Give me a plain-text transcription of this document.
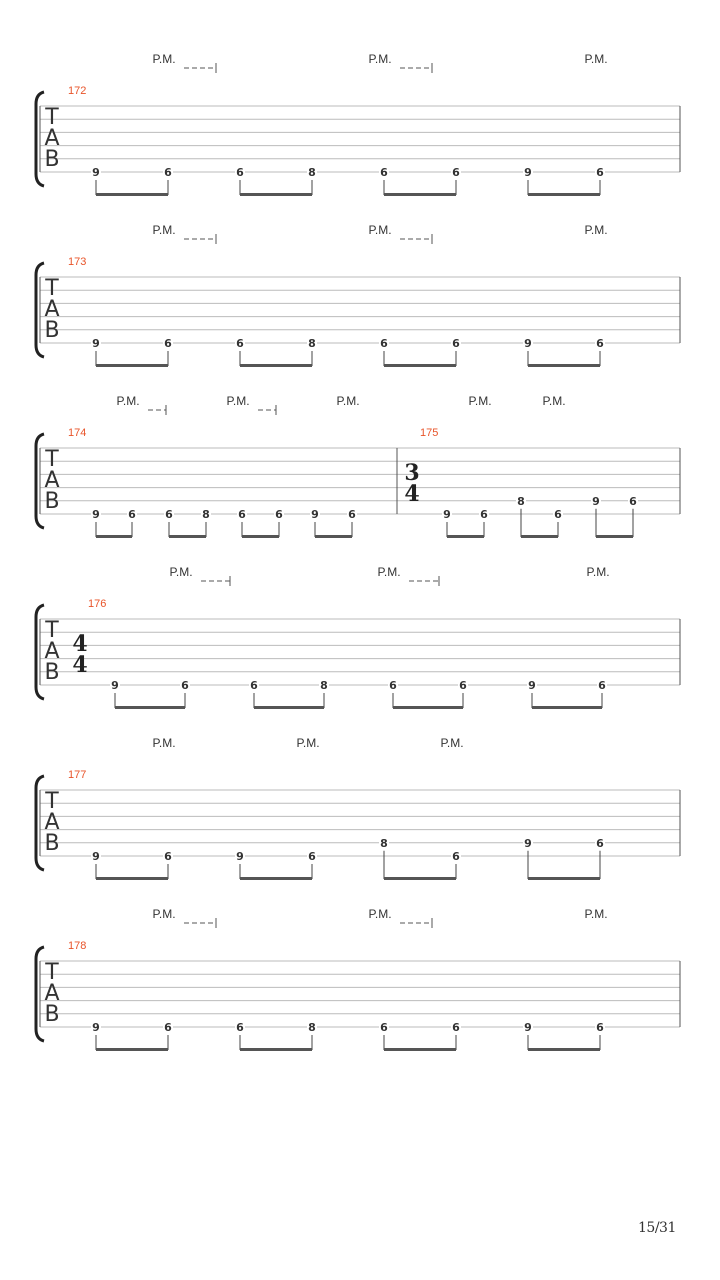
T
A
B
172
9	6	6	8	6	6	9	6
P.M.	P.M.	P.M.
T
A
B
173
9	6	6	8	6	6	9	6
P.M.	P.M.	P.M.
T
A
B
174
9	6	6	8	6	6	9	6
P.M.	P.M.	P.M.
175
3
4
9	6
8
6
9	6
P.M.	P.M.
T
A
B
176
4
4
9	6	6	8	6	6	9	6
P.M.	P.M.	P.M.
T
A
B
177
9	6	9	6
8
6
9	6
P.M.	P.M.	P.M.
T
A
B
178
9	6	6	8	6	6	9	6
P.M.	P.M.	P.M.
15/31
